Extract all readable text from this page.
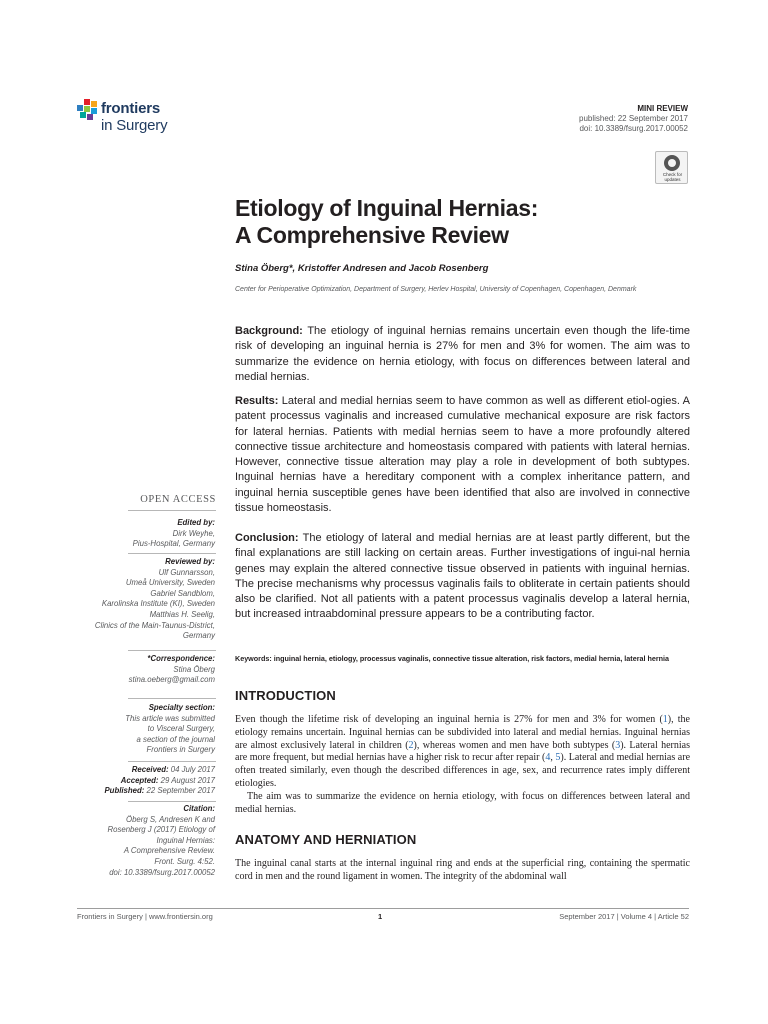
frontiers
in Surgery
MINI REVIEW
published: 22 September 2017
doi: 10.3389/fsurg.2017.00052
Check for updates
Etiology of Inguinal Hernias:
A Comprehensive Review
Stina Öberg*, Kristoffer Andresen and Jacob Rosenberg
Center for Perioperative Optimization, Department of Surgery, Herlev Hospital, University of Copenhagen, Copenhagen, Denmark
Background: The etiology of inguinal hernias remains uncertain even though the life-time risk of developing an inguinal hernia is 27% for men and 3% for women. The aim was to summarize the evidence on hernia etiology, with focus on differences between lateral and medial hernias.
Results: Lateral and medial hernias seem to have common as well as different etiol-ogies. A patent processus vaginalis and increased cumulative mechanical exposure are risk factors for lateral hernias. Patients with medial hernias seem to have a more profoundly altered connective tissue architecture and homeostasis compared with patients with lateral hernias. However, connective tissue alteration may play a role in development of both subtypes. Inguinal hernias have a hereditary component with a complex inheritance pattern, and inguinal hernia susceptible genes have been identified that also are involved in connective tissue homeostasis.
Conclusion: The etiology of lateral and medial hernias are at least partly different, but the final explanations are still lacking on certain areas. Further investigations of ingui-nal hernia genes may explain the altered connective tissue observed in patients with inguinal hernias. The precise mechanisms why processus vaginalis fails to obliterate in certain patients should also be clarified. Not all patients with a patent processus vaginalis develop a lateral hernia, but increased intraabdominal pressure appears to be a contributing factor.
Keywords: inguinal hernia, etiology, processus vaginalis, connective tissue alteration, risk factors, medial hernia, lateral hernia
INTRODUCTION
Even though the lifetime risk of developing an inguinal hernia is 27% for men and 3% for women (1), the etiology remains uncertain. Inguinal hernias can be subdivided into lateral and medial hernias. Inguinal hernias are almost exclusively lateral in children (2), whereas women and men have both subtypes (3). Lateral hernias are more frequent, but medial hernias have a higher risk to recur after repair (4, 5). Lateral and medial hernias are often treated similarly, even though the described differences in age, sex, and recurrence rates imply different etiologies.
The aim was to summarize the evidence on hernia etiology, with focus on differences between lateral and medial hernias.
ANATOMY AND HERNIATION
The inguinal canal starts at the internal inguinal ring and ends at the superficial ring, containing the spermatic cord in men and the round ligament in women. The integrity of the abdominal wall
OPEN ACCESS
Edited by:
Dirk Weyhe,
Pius-Hospital, Germany
Reviewed by:
Ulf Gunnarsson,
Umeå University, Sweden
Gabriel Sandblom,
Karolinska Institute (KI), Sweden
Matthias H. Seelig,
Clinics of the Main-Taunus-District,
Germany
*Correspondence:
Stina Öberg
stina.oeberg@gmail.com
Specialty section:
This article was submitted
to Visceral Surgery,
a section of the journal
Frontiers in Surgery
Received: 04 July 2017
Accepted: 29 August 2017
Published: 22 September 2017
Citation:
Öberg S, Andresen K and
Rosenberg J (2017) Etiology of
Inguinal Hernias:
A Comprehensive Review.
Front. Surg. 4:52.
doi: 10.3389/fsurg.2017.00052
Frontiers in Surgery | www.frontiersin.org	1	September 2017 | Volume 4 | Article 52
